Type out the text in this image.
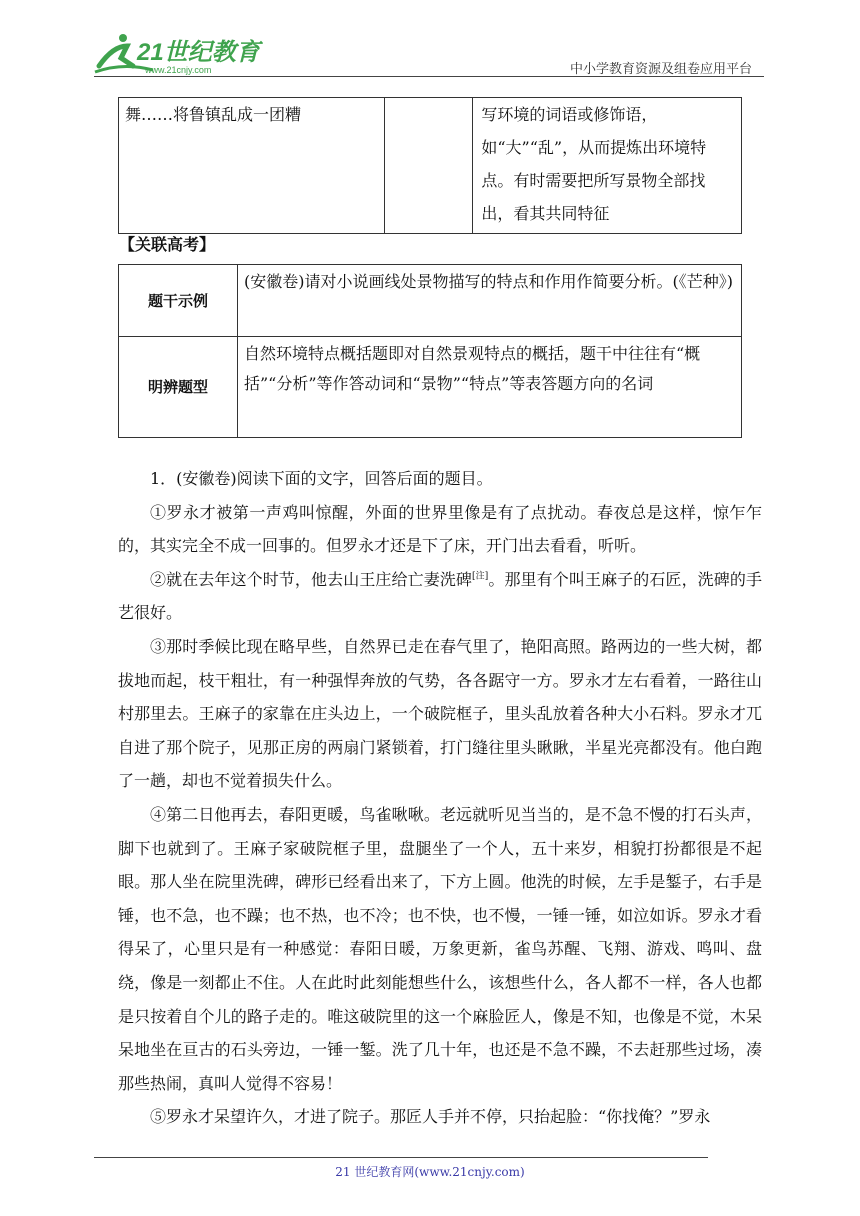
21世纪教育
www.21cnjy.com	中小学教育资源及组卷应用平台
舞……将鲁镇乱成一团糟		写环境的词语或修饰语，如“大”“乱”，从而提炼出环境特点。有时需要把所写景物全部找出，看其共同特征
【关联高考】
题干示例	(安徽卷)请对小说画线处景物描写的特点和作用作简要分析。(《芒种》)
明辨题型	自然环境特点概括题即对自然景观特点的概括，题干中往往有“概括”“分析”等作答动词和“景物”“特点”等表答题方向的名词

1．(安徽卷)阅读下面的文字，回答后面的题目。

①罗永才被第一声鸡叫惊醒，外面的世界里像是有了点扰动。春夜总是这样，惊乍乍的，其实完全不成一回事的。但罗永才还是下了床，开门出去看看，听听。

②就在去年这个时节，他去山王庄给亡妻洗碑[注]。那里有个叫王麻子的石匠，洗碑的手艺很好。

③那时季候比现在略早些，自然界已走在春气里了，艳阳高照。路两边的一些大树，都拔地而起，枝干粗壮，有一种强悍奔放的气势，各各踞守一方。罗永才左右看着，一路往山村那里去。王麻子的家靠在庄头边上，一个破院框子，里头乱放着各种大小石料。罗永才兀自进了那个院子，见那正房的两扇门紧锁着，打门缝往里头瞅瞅，半星光亮都没有。他白跑了一趟，却也不觉着损失什么。

④第二日他再去，春阳更暖，鸟雀啾啾。老远就听见当当的，是不急不慢的打石头声，脚下也就到了。王麻子家破院框子里，盘腿坐了一个人，五十来岁，相貌打扮都很是不起眼。那人坐在院里洗碑，碑形已经看出来了，下方上圆。他洗的时候，左手是錾子，右手是锤，也不急，也不躁；也不热，也不冷；也不快，也不慢，一锤一锤，如泣如诉。罗永才看得呆了，心里只是有一种感觉：春阳日暖，万象更新，雀鸟苏醒、飞翔、游戏、鸣叫、盘绕，像是一刻都止不住。人在此时此刻能想些什么，该想些什么，各人都不一样，各人也都是只按着自个儿的路子走的。唯这破院里的这一个麻脸匠人，像是不知，也像是不觉，木呆呆地坐在亘古的石头旁边，一锤一錾。洗了几十年，也还是不急不躁，不去赶那些过场，凑那些热闹，真叫人觉得不容易！

⑤罗永才呆望许久，才进了院子。那匠人手并不停，只抬起脸：“你找俺？”罗永

21 世纪教育网(www.21cnjy.com)
